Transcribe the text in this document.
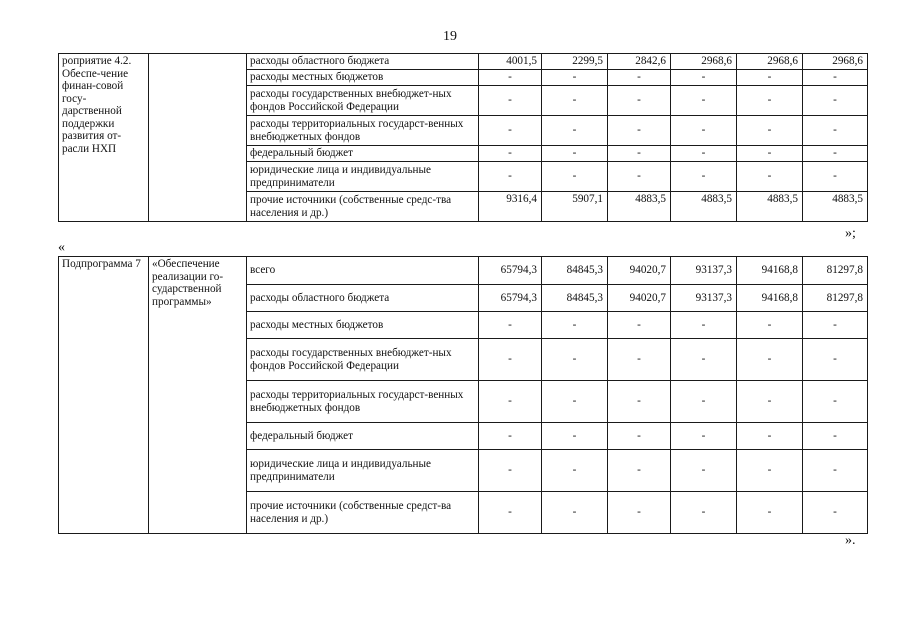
19
роприятие 4.2. Обеспе-чение финан-совой госу-дарственной поддержки развития от-расли НХП		расходы областного бюджета	4001,5	2299,5	2842,6	2968,6	2968,6	2968,6
		расходы местных бюджетов	-	-	-	-	-	-
		расходы государственных внебюджет-ных фондов Российской Федерации	-	-	-	-	-	-
		расходы территориальных государст-венных внебюджетных фондов	-	-	-	-	-	-
		федеральный бюджет	-	-	-	-	-	-
		юридические лица и индивидуальные предприниматели	-	-	-	-	-	-
		прочие источники (собственные средс-тва населения и др.)	9316,4	5907,1	4883,5	4883,5	4883,5	4883,5
»;
«
Подпрограмма 7	«Обеспечение реализации го-сударственной программы»	всего	65794,3	84845,3	94020,7	93137,3	94168,8	81297,8
		расходы областного бюджета	65794,3	84845,3	94020,7	93137,3	94168,8	81297,8
		расходы местных бюджетов	-	-	-	-	-	-
		расходы государственных внебюджет-ных фондов Российской Федерации	-	-	-	-	-	-
		расходы территориальных государст-венных внебюджетных фондов	-	-	-	-	-	-
		федеральный бюджет	-	-	-	-	-	-
		юридические лица и индивидуальные предприниматели	-	-	-	-	-	-
		прочие источники (собственные средст-ва населения и др.)	-	-	-	-	-	-
».
